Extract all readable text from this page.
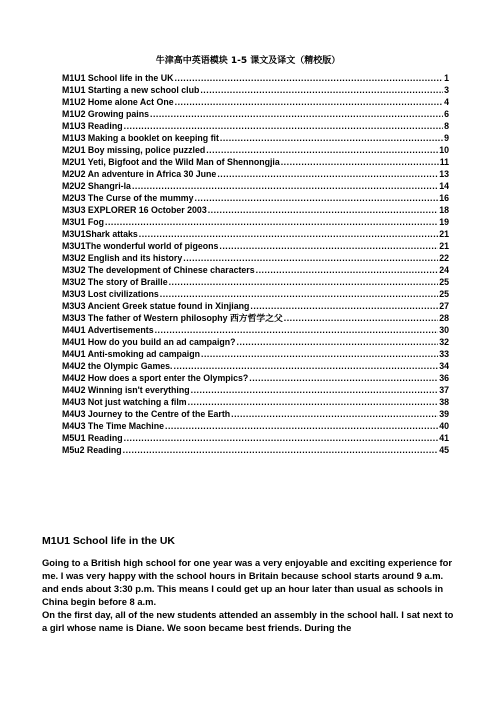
牛津高中英语模块 1-5 课文及译文（精校版）
M1U1 School life in the UK .....	1
M1U1 Starting a new school club .....	3
M1U2 Home alone Act One .....	4
M1U2 Growing pains .....	6
M1U3 Reading .....	8
M1U3 Making a booklet on keeping fit .....	9
M2U1 Boy missing, police puzzled .....	10
M2U1 Yeti, Bigfoot and the Wild Man of Shennongjia .....	11
M2U2 An adventure in Africa 30 June .....	13
M2U2 Shangri-la .....	14
M2U3 The Curse of the mummy .....	16
M3U3 EXPLORER 16 October 2003 .....	18
M3U1 Fog .....	19
M3U1Shark attaks .....	21
M3U1The wonderful world of pigeons .....	21
M3U2 English and its history .....	22
M3U2 The development of Chinese characters .....	24
M3U2 The story of Braille .....	25
M3U3 Lost civilizations .....	25
M3U3 Ancient Greek statue found in Xinjiang .....	27
M3U3 The father of Western philosophy 西方哲学之父 .....	28
M4U1 Advertisements .....	30
M4U1 How do you build an ad campaign? .....	32
M4U1 Anti-smoking ad campaign .....	33
M4U2 the Olympic Games. .....	34
M4U2 How does a sport enter the Olympics? .....	36
M4U2 Winning isn't everything .....	37
M4U3 Not just watching a film .....	38
M4U3 Journey to the Centre of the Earth .....	39
M4U3 The Time Machine .....	40
M5U1 Reading .....	41
M5u2 Reading .....	45
M1U1 School life in the UK

Going to a British high school for one year was a very enjoyable and exciting experience for me. I was very happy with the school hours in Britain because school starts around 9 a.m. and ends about 3:30 p.m. This means I could get up an hour later than usual as schools in China begin before 8 a.m.

On the first day, all of the new students attended an assembly in the school hall. I sat next to a girl whose name is Diane. We soon became best friends. During the
